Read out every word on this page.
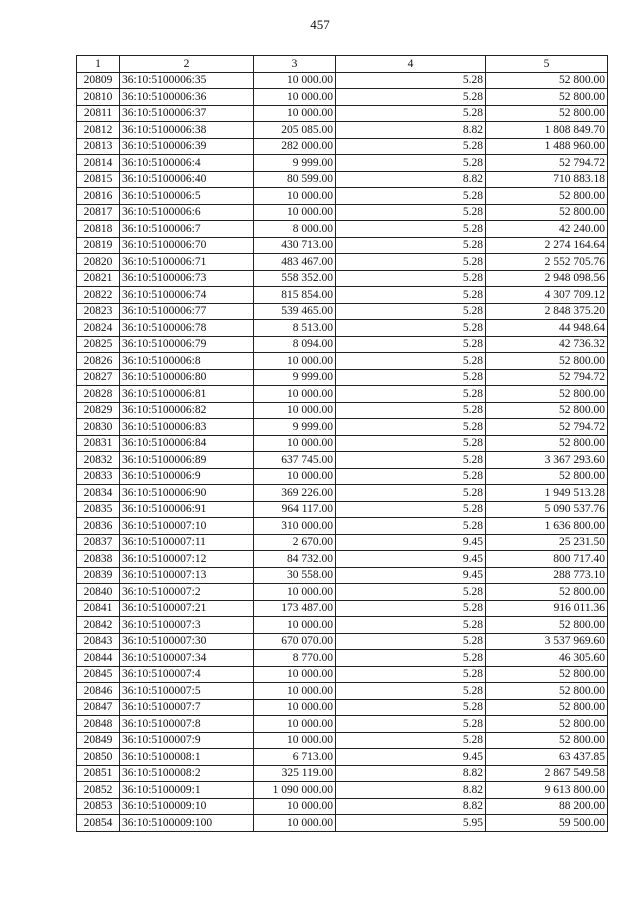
457
1	2	3	4	5
20809	36:10:5100006:35	10 000.00	5.28	52 800.00
20810	36:10:5100006:36	10 000.00	5.28	52 800.00
20811	36:10:5100006:37	10 000.00	5.28	52 800.00
20812	36:10:5100006:38	205 085.00	8.82	1 808 849.70
20813	36:10:5100006:39	282 000.00	5.28	1 488 960.00
20814	36:10:5100006:4	9 999.00	5.28	52 794.72
20815	36:10:5100006:40	80 599.00	8.82	710 883.18
20816	36:10:5100006:5	10 000.00	5.28	52 800.00
20817	36:10:5100006:6	10 000.00	5.28	52 800.00
20818	36:10:5100006:7	8 000.00	5.28	42 240.00
20819	36:10:5100006:70	430 713.00	5.28	2 274 164.64
20820	36:10:5100006:71	483 467.00	5.28	2 552 705.76
20821	36:10:5100006:73	558 352.00	5.28	2 948 098.56
20822	36:10:5100006:74	815 854.00	5.28	4 307 709.12
20823	36:10:5100006:77	539 465.00	5.28	2 848 375.20
20824	36:10:5100006:78	8 513.00	5.28	44 948.64
20825	36:10:5100006:79	8 094.00	5.28	42 736.32
20826	36:10:5100006:8	10 000.00	5.28	52 800.00
20827	36:10:5100006:80	9 999.00	5.28	52 794.72
20828	36:10:5100006:81	10 000.00	5.28	52 800.00
20829	36:10:5100006:82	10 000.00	5.28	52 800.00
20830	36:10:5100006:83	9 999.00	5.28	52 794.72
20831	36:10:5100006:84	10 000.00	5.28	52 800.00
20832	36:10:5100006:89	637 745.00	5.28	3 367 293.60
20833	36:10:5100006:9	10 000.00	5.28	52 800.00
20834	36:10:5100006:90	369 226.00	5.28	1 949 513.28
20835	36:10:5100006:91	964 117.00	5.28	5 090 537.76
20836	36:10:5100007:10	310 000.00	5.28	1 636 800.00
20837	36:10:5100007:11	2 670.00	9.45	25 231.50
20838	36:10:5100007:12	84 732.00	9.45	800 717.40
20839	36:10:5100007:13	30 558.00	9.45	288 773.10
20840	36:10:5100007:2	10 000.00	5.28	52 800.00
20841	36:10:5100007:21	173 487.00	5.28	916 011.36
20842	36:10:5100007:3	10 000.00	5.28	52 800.00
20843	36:10:5100007:30	670 070.00	5.28	3 537 969.60
20844	36:10:5100007:34	8 770.00	5.28	46 305.60
20845	36:10:5100007:4	10 000.00	5.28	52 800.00
20846	36:10:5100007:5	10 000.00	5.28	52 800.00
20847	36:10:5100007:7	10 000.00	5.28	52 800.00
20848	36:10:5100007:8	10 000.00	5.28	52 800.00
20849	36:10:5100007:9	10 000.00	5.28	52 800.00
20850	36:10:5100008:1	6 713.00	9.45	63 437.85
20851	36:10:5100008:2	325 119.00	8.82	2 867 549.58
20852	36:10:5100009:1	1 090 000.00	8.82	9 613 800.00
20853	36:10:5100009:10	10 000.00	8.82	88 200.00
20854	36:10:5100009:100	10 000.00	5.95	59 500.00
